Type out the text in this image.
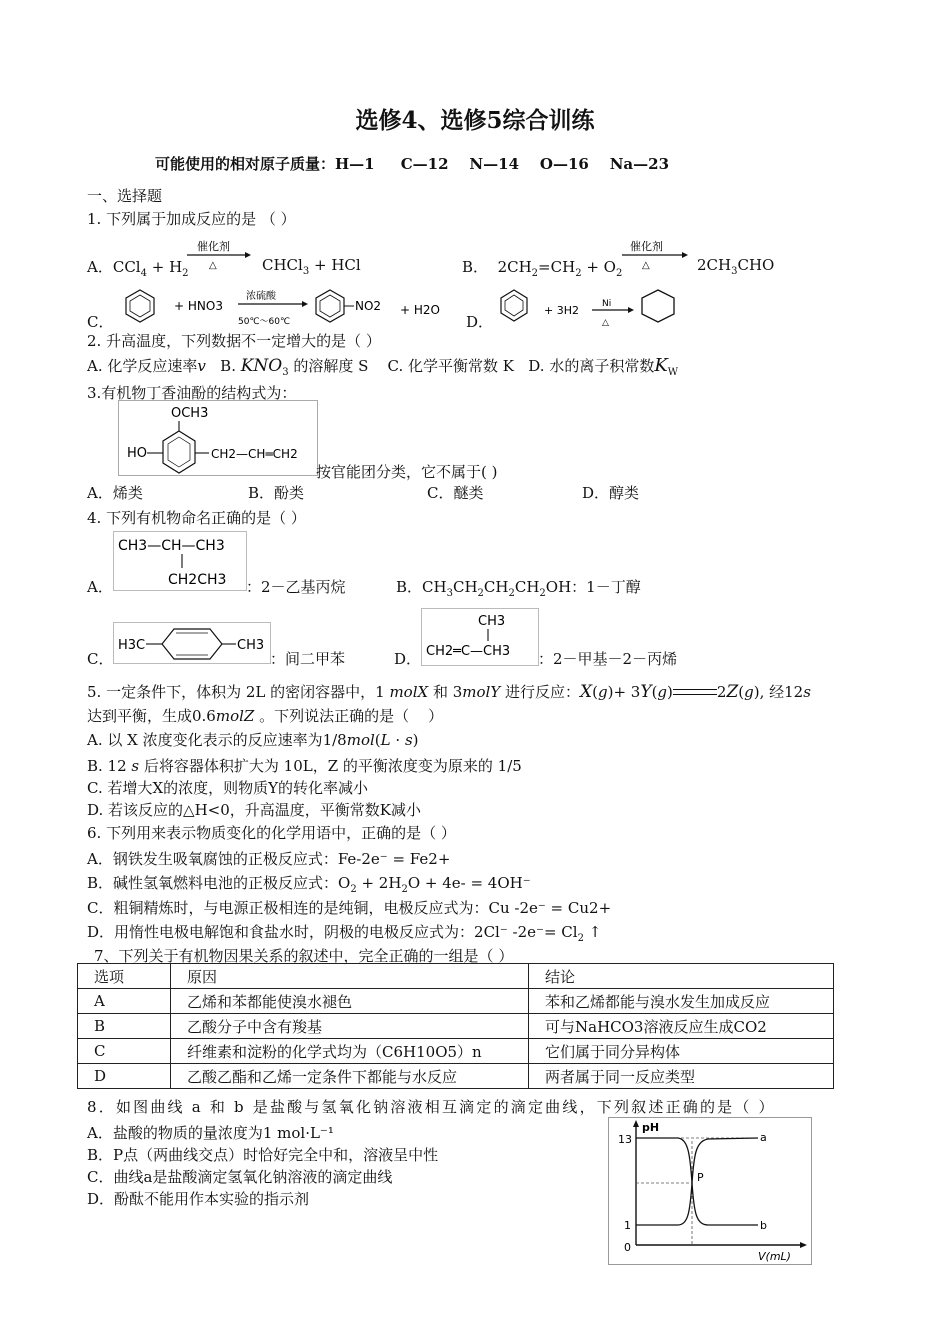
选修4、选修5综合训练
可能使用的相对原子质量：H—1     C—12    N—14    O—16    Na—23
一、选择题
1. 下列属于加成反应的是 （ ）
A．$CCl_4 + H_2$
催化剂
△	CHCl$_3$ + HCl	B．  $2CH_2=CH_2 + O_2$
催化剂
△	$2CH_3CHO$
C．
+ HNO3
浓硫酸
50℃～60℃
NO2 + H2O
D．
+ 3H2	Ni
△
2. 升高温度，下列数据不一定增大的是（ ）
A. 化学反应速率v B. $KNO_3$ 的溶解度 S C. 化学平衡常数 K D. 水的离子积常数$K_W$
3.有机物丁香油酚的结构式为：
OCH3
HO	CH2—CH═CH2
按官能团分类，它不属于( )
A．烯类	B．酚类	C．醚类	D．醇类
4. 下列有机物命名正确的是（ ）
A．
CH3—CH—CH3
CH2CH3 ：2－乙基丙烷	B．$CH_3CH_2CH_2CH_2OH$：1－丁醇
C．
H3C	CH3
：间二甲苯	D．
CH3
CH2═C—CH3 ：2－甲基－2－丙烯
5. 一定条件下，体积为 2L 的密闭容器中，1 molX 和 3molY 进行反应：X(g)+ 3Y(g)	2Z(g), 经12s
达到平衡，生成0.6molZ 。下列说法正确的是（    ）
A. 以 X 浓度变化表示的反应速率为1/8mol(L · s)
B. 12 s 后将容器体积扩大为 10L，Z 的平衡浓度变为原来的 1/5
C. 若增大X的浓度，则物质Y的转化率减小
D. 若该反应的△H<0，升高温度，平衡常数K减小
6. 下列用来表示物质变化的化学用语中，正确的是（ ）
A．钢铁发生吸氧腐蚀的正极反应式：Fe-2e⁻ = Fe2+
B．碱性氢氧燃料电池的正极反应式：$O_2 + 2H_2O + 4e- = 4OH^-$
C．粗铜精炼时，与电源正极相连的是纯铜，电极反应式为：Cu -2e⁻ = Cu2+
D．用惰性电极电解饱和食盐水时，阴极的电极反应式为：2Cl⁻ $-2e^-= Cl_2$ ↑
7、下列关于有机物因果关系的叙述中，完全正确的一组是（ ）
选项	原因	结论
A	乙烯和苯都能使溴水褪色	苯和乙烯都能与溴水发生加成反应
B	乙酸分子中含有羧基	可与NaHCO3溶液反应生成CO2
C	纤维素和淀粉的化学式均为（C6H10O5）n	它们属于同分异构体
D	乙酸乙酯和乙烯一定条件下都能与水反应	两者属于同一反应类型
8．如图曲线 a 和 b 是盐酸与氢氧化钠溶液相互滴定的滴定曲线，下列叙述正确的是（ ）
A．盐酸的物质的量浓度为1 mol·L⁻¹
B．P点（两曲线交点）时恰好完全中和，溶液呈中性
C．曲线a是盐酸滴定氢氧化钠溶液的滴定曲线
D．酚酞不能用作本实验的指示剂
pH
V(mL)
13
1
0
a
b
P
